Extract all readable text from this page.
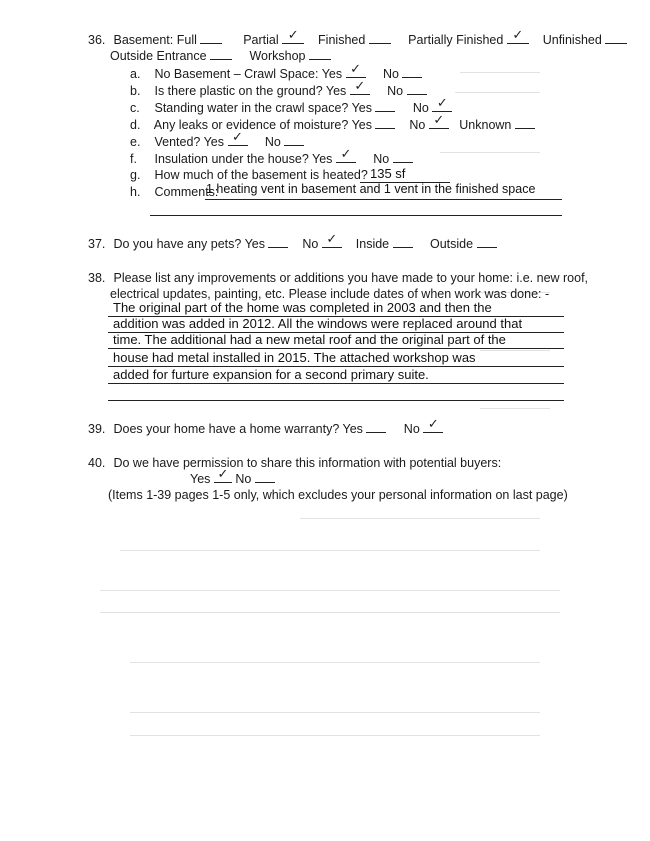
36. Basement: Full	Partial ✓ Finished	Partially Finished ✓ Unfinished
Outside Entrance	Workshop
a. No Basement – Crawl Space: Yes ✓ No
b. Is there plastic on the ground? Yes ✓ No
c. Standing water in the crawl space? Yes	No ✓
d. Any leaks or evidence of moisture? Yes	No ✓ Unknown
e. Vented? Yes ✓ No
f. Insulation under the house? Yes ✓ No
g. How much of the basement is heated? 135 sf
h. Comments:
1 heating vent in basement and 1 vent in the finished space
37. Do you have any pets? Yes	No ✓ Inside	Outside
38. Please list any improvements or additions you have made to your home: i.e. new roof,
electrical updates, painting, etc. Please include dates of when work was done: -
The original part of the home was completed in 2003 and then the
addition was added in 2012. All the windows were replaced around that
time. The additional had a new metal roof and the original part of the
house had metal installed in 2015. The attached workshop was
added for furture expansion for a second primary suite.
39. Does your home have a home warranty? Yes	No ✓
40. Do we have permission to share this information with potential buyers:
Yes ✓ No
(Items 1-39 pages 1-5 only, which excludes your personal information on last page)
